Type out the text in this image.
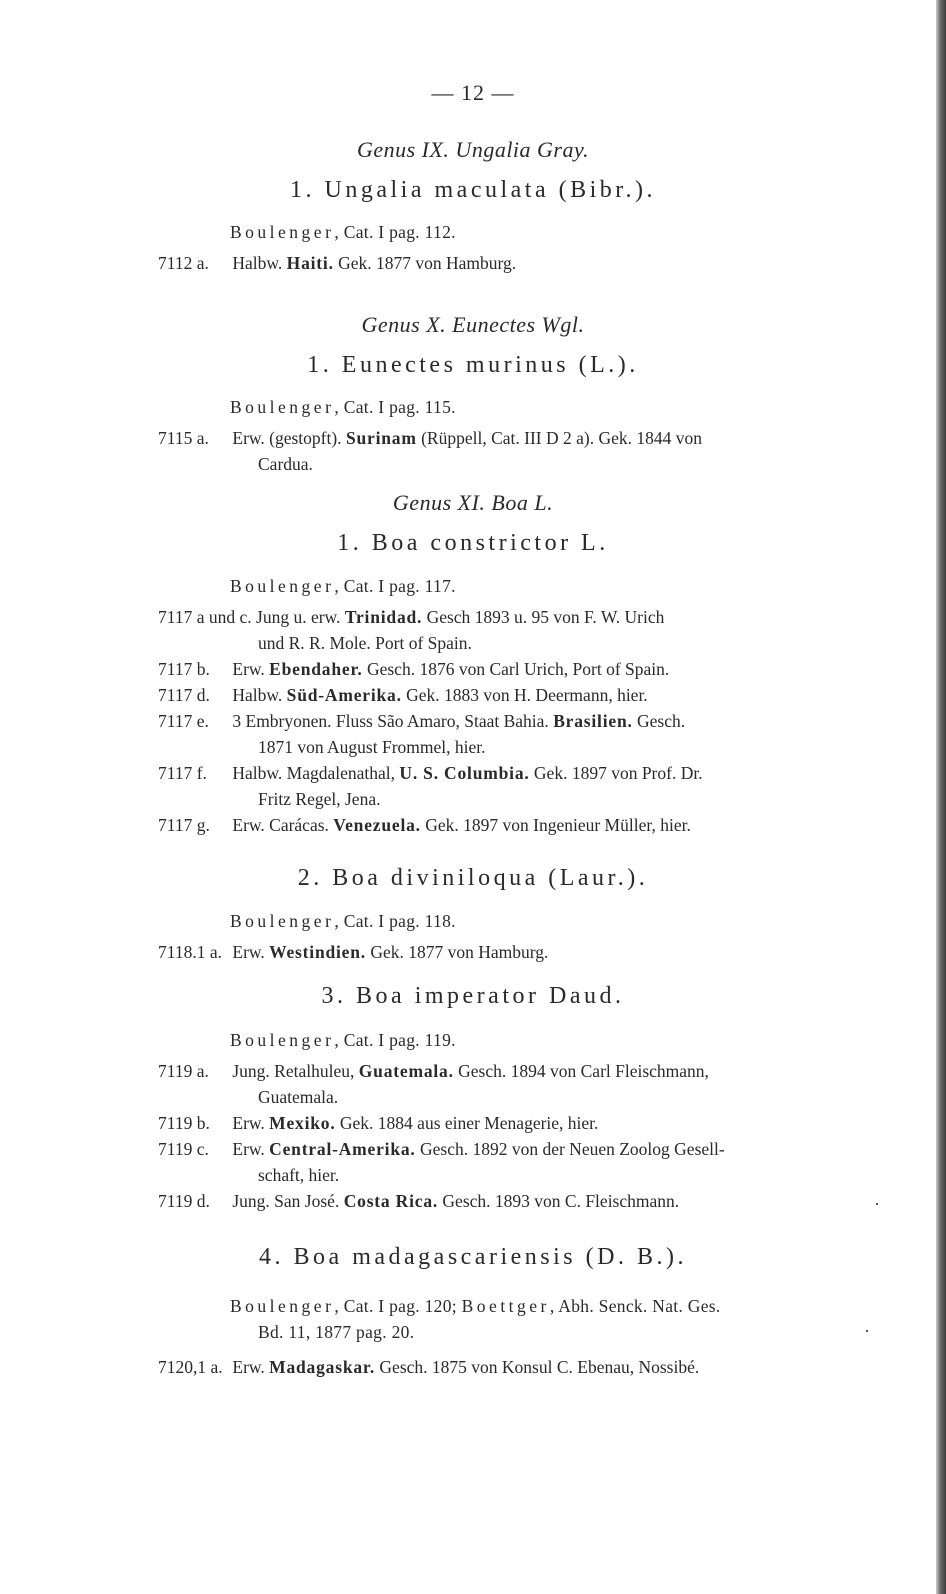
— 12 —
Genus IX. Ungalia Gray.
1. Ungalia maculata (Bibr.).
Boulenger, Cat. I pag. 112.
7112 a. Halbw. Haiti. Gek. 1877 von Hamburg.
Genus X. Eunectes Wgl.
1. Eunectes murinus (L.).
Boulenger, Cat. I pag. 115.
7115 a. Erw. (gestopft). Surinam (Rüppell, Cat. III D 2 a). Gek. 1844 von
Cardua.
Genus XI. Boa L.
1. Boa constrictor L.
Boulenger, Cat. I pag. 117.
7117 a und c. Jung u. erw. Trinidad. Gesch 1893 u. 95 von F. W. Urich
und R. R. Mole. Port of Spain.
7117 b. Erw. Ebendaher. Gesch. 1876 von Carl Urich, Port of Spain.
7117 d. Halbw. Süd-Amerika. Gek. 1883 von H. Deermann, hier.
7117 e. 3 Embryonen. Fluss São Amaro, Staat Bahia. Brasilien. Gesch.
1871 von August Frommel, hier.
7117 f. Halbw. Magdalenathal, U. S. Columbia. Gek. 1897 von Prof. Dr.
Fritz Regel, Jena.
7117 g. Erw. Carácas. Venezuela. Gek. 1897 von Ingenieur Müller, hier.
2. Boa diviniloqua (Laur.).
Boulenger, Cat. I pag. 118.
7118.1 a. Erw. Westindien. Gek. 1877 von Hamburg.
3. Boa imperator Daud.
Boulenger, Cat. I pag. 119.
7119 a. Jung. Retalhuleu, Guatemala. Gesch. 1894 von Carl Fleischmann,
Guatemala.
7119 b. Erw. Mexiko. Gek. 1884 aus einer Menagerie, hier.
7119 c. Erw. Central-Amerika. Gesch. 1892 von der Neuen Zoolog Gesell-
schaft, hier.
7119 d. Jung. San José. Costa Rica. Gesch. 1893 von C. Fleischmann.
4. Boa madagascariensis (D. B.).
Boulenger, Cat. I pag. 120; Boettger, Abh. Senck. Nat. Ges.
Bd. 11, 1877 pag. 20.
7120,1 a. Erw. Madagaskar. Gesch. 1875 von Konsul C. Ebenau, Nossibé.
